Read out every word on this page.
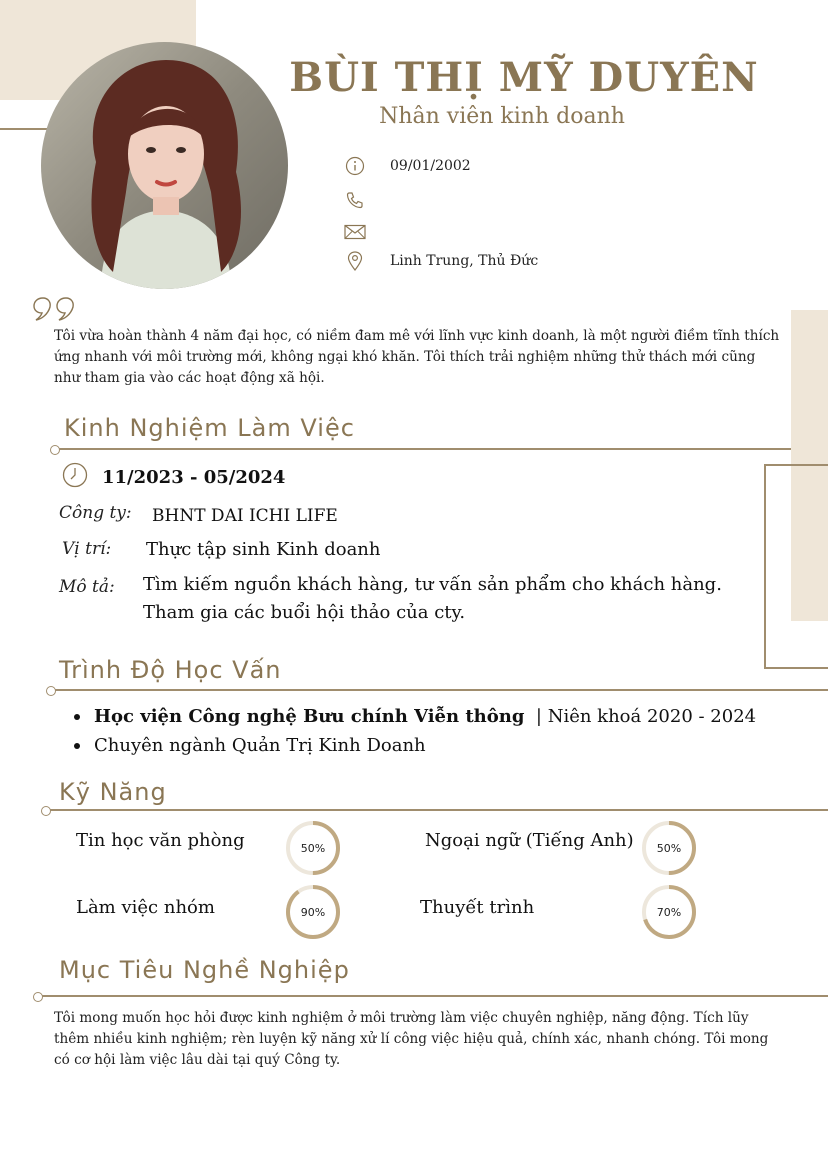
BÙI THỊ MỸ DUYÊN
Nhân viên kinh doanh
09/01/2002
Linh Trung, Thủ Đức

Tôi vừa hoàn thành 4 năm đại học, có niềm đam mê với lĩnh vực kinh doanh, là một người điềm tĩnh thích ứng nhanh với môi trường mới, không ngại khó khăn. Tôi thích trải nghiệm những thử thách mới cũng như tham gia vào các hoạt động xã hội.

Kinh Nghiệm Làm Việc
11/2023 - 05/2024
Công ty: BHNT DAI ICHI LIFE
Vị trí: Thực tập sinh Kinh doanh
Mô tả: Tìm kiếm nguồn khách hàng, tư vấn sản phẩm cho khách hàng.
Tham gia các buổi hội thảo của cty.
Trình Độ Học Vấn
Học viện Công nghệ Bưu chính Viễn thông | Niên khoá 2020 - 2024
Chuyên ngành Quản Trị Kinh Doanh
Kỹ Năng
Tin học văn phòng	50%	Ngoại ngữ (Tiếng Anh)	50%
Làm việc nhóm	90%	Thuyết trình	70%
Mục Tiêu Nghề Nghiệp

Tôi mong muốn học hỏi được kinh nghiệm ở môi trường làm việc chuyên nghiệp, năng động. Tích lũy thêm nhiều kinh nghiệm; rèn luyện kỹ năng xử lí công việc hiệu quả, chính xác, nhanh chóng. Tôi mong có cơ hội làm việc lâu dài tại quý Công ty.
